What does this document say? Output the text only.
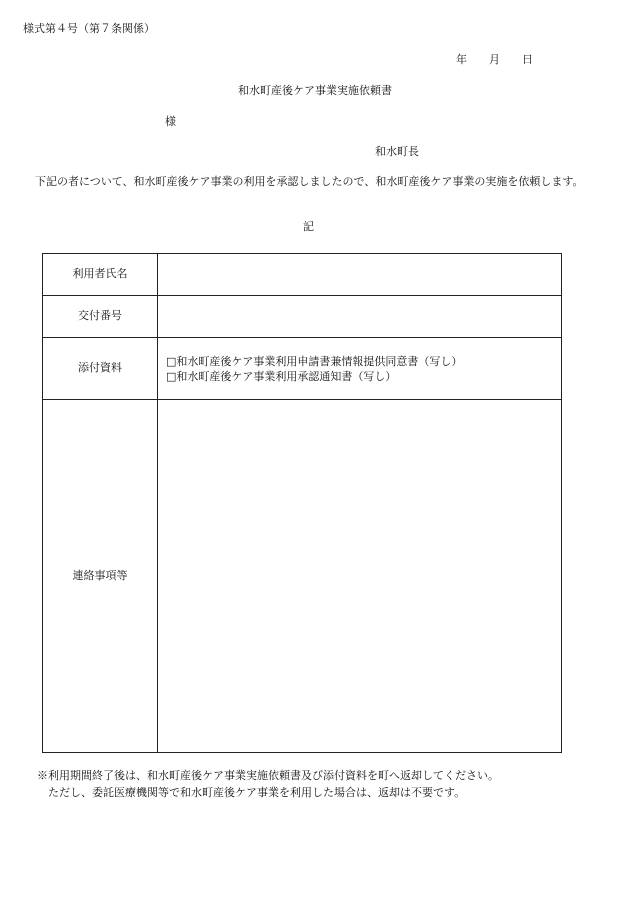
様式第４号（第７条関係）
年 月 日
和水町産後ケア事業実施依頼書
様
和水町長
下記の者について、和水町産後ケア事業の利用を承認しましたので、和水町産後ケア事業の実施を依頼します。
記
利用者氏名	
交付番号	
添付資料	□和水町産後ケア事業利用申請書兼情報提供同意書（写し）
□和水町産後ケア事業利用承認通知書（写し）

連絡事項等	
※利用期間終了後は、和水町産後ケア事業実施依頼書及び添付資料を町へ返却してください。
ただし、委託医療機関等で和水町産後ケア事業を利用した場合は、返却は不要です。
